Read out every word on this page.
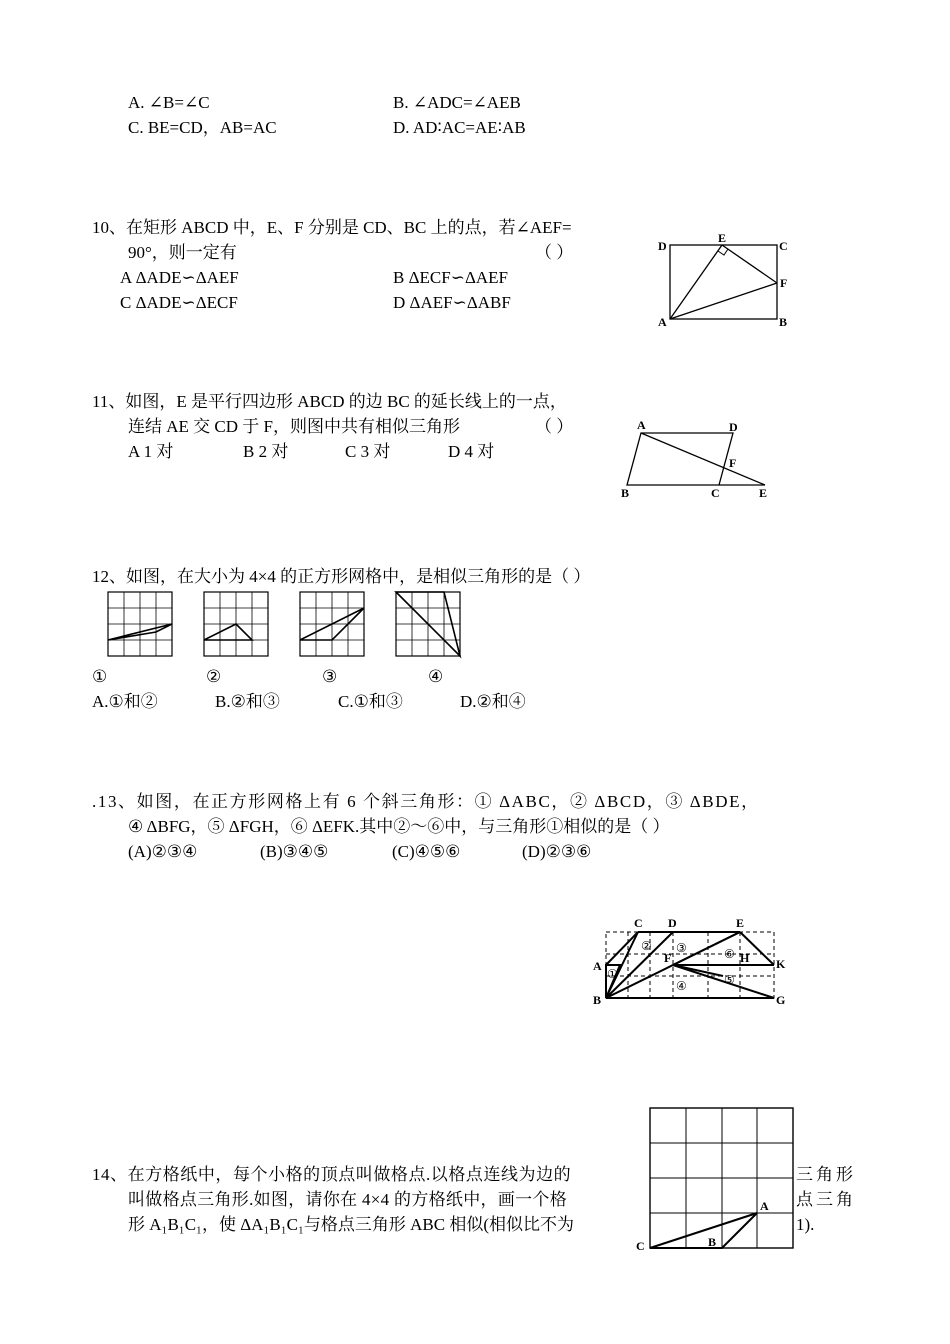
A. ∠B=∠C	B. ∠ADC=∠AEB
C. BE=CD，AB=AC	D. AD∶AC=AE∶AB
10、在矩形 ABCD 中，E、F 分别是 CD、BC 上的点，若∠AEF=
90°，则一定有	（ ）
A ΔADE∽ΔAEF	B ΔECF∽ΔAEF
C ΔADE∽ΔECF	D ΔAEF∽ΔABF
D
E
C
F
A	B
11、如图，E 是平行四边形 ABCD 的边 BC 的延长线上的一点，
连结 AE 交 CD 于 F，则图中共有相似三角形	（ ）
A 1 对	B 2 对	C 3 对	D 4 对
A	D
F
B	C	E
12、如图，在大小为 4×4 的正方形网格中，是相似三角形的是（ ）
①	②	③	④
A.①和②	B.②和③	C.①和③	D.②和④
.13、如图，在正方形网格上有 6 个斜三角形：① ΔABC，② ΔBCD，③ ΔBDE，
④ ΔBFG，⑤ ΔFGH，⑥ ΔEFK.其中②～⑥中，与三角形①相似的是（ ）
(A)②③④	(B)③④⑤	(C)④⑤⑥	(D)②③⑥
C D	E
A
B
F	H K
G
①
② ③
④	⑤
⑥
14、在方格纸中，每个小格的顶点叫做格点.以格点连线为边的	三角形
叫做格点三角形.如图，请你在 4×4 的方格纸中，画一个格	点三角
形 A₁B₁C₁，使 ΔA₁B₁C₁与格点三角形 ABC 相似(相似比不为	1).
A
B
C
